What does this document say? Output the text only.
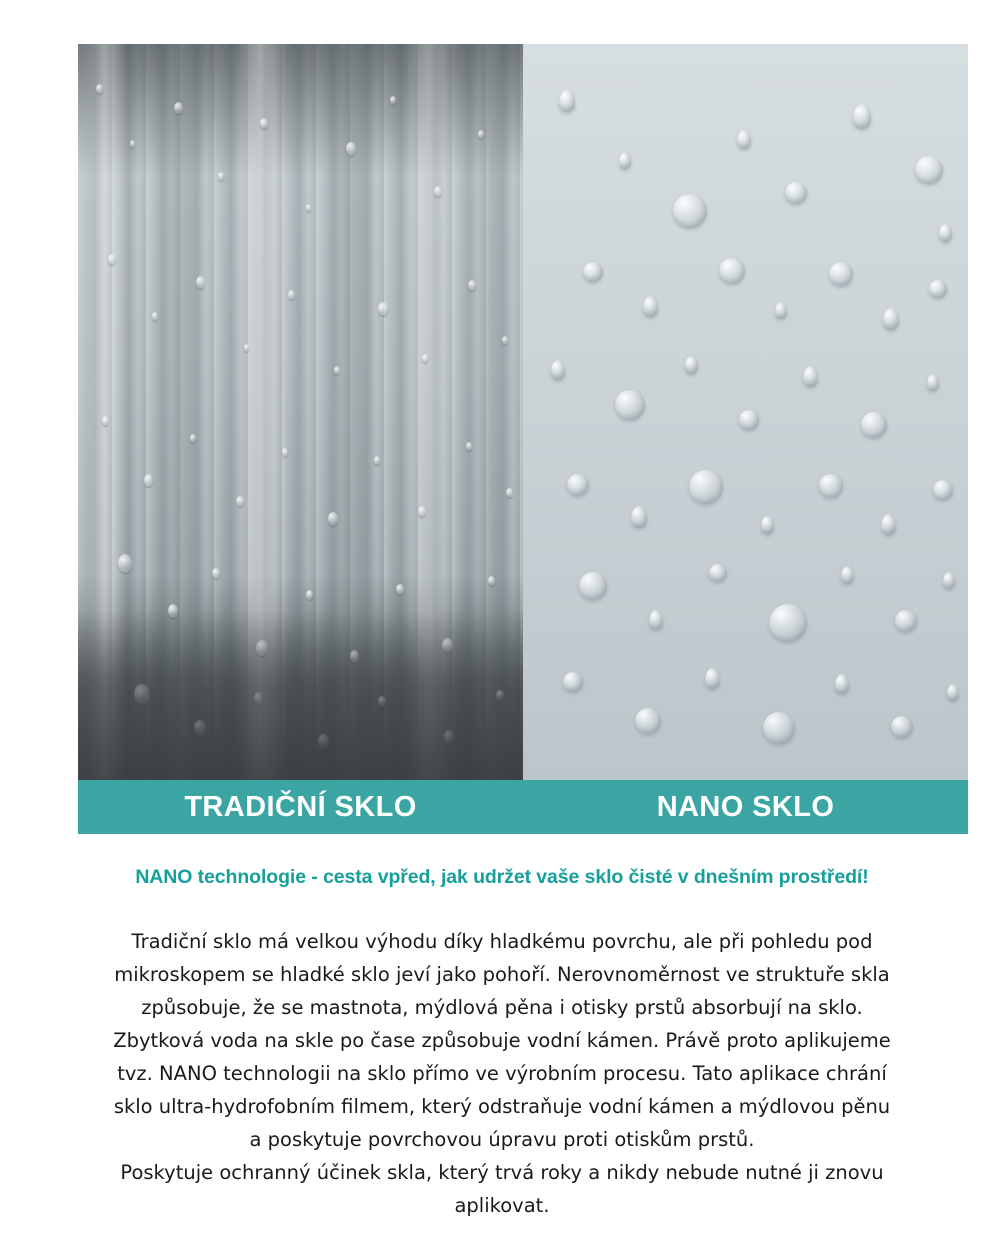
TRADIČNÍ SKLO	NANO SKLO
NANO technologie - cesta vpřed, jak udržet vaše sklo čisté v dnešním prostředí!

Tradiční sklo má velkou výhodu díky hladkému povrchu, ale při pohledu pod

mikroskopem se hladké sklo jeví jako pohoří. Nerovnoměrnost ve struktuře skla

způsobuje, že se mastnota, mýdlová pěna i otisky prstů absorbují na sklo.

Zbytková voda na skle po čase způsobuje vodní kámen. Právě proto aplikujeme

tvz. NANO technologii na sklo přímo ve výrobním procesu. Tato aplikace chrání

sklo ultra-hydrofobním filmem, který odstraňuje vodní kámen a mýdlovou pěnu

a poskytuje povrchovou úpravu proti otiskům prstů.

Poskytuje ochranný účinek skla, který trvá roky a nikdy nebude nutné ji znovu aplikovat.
